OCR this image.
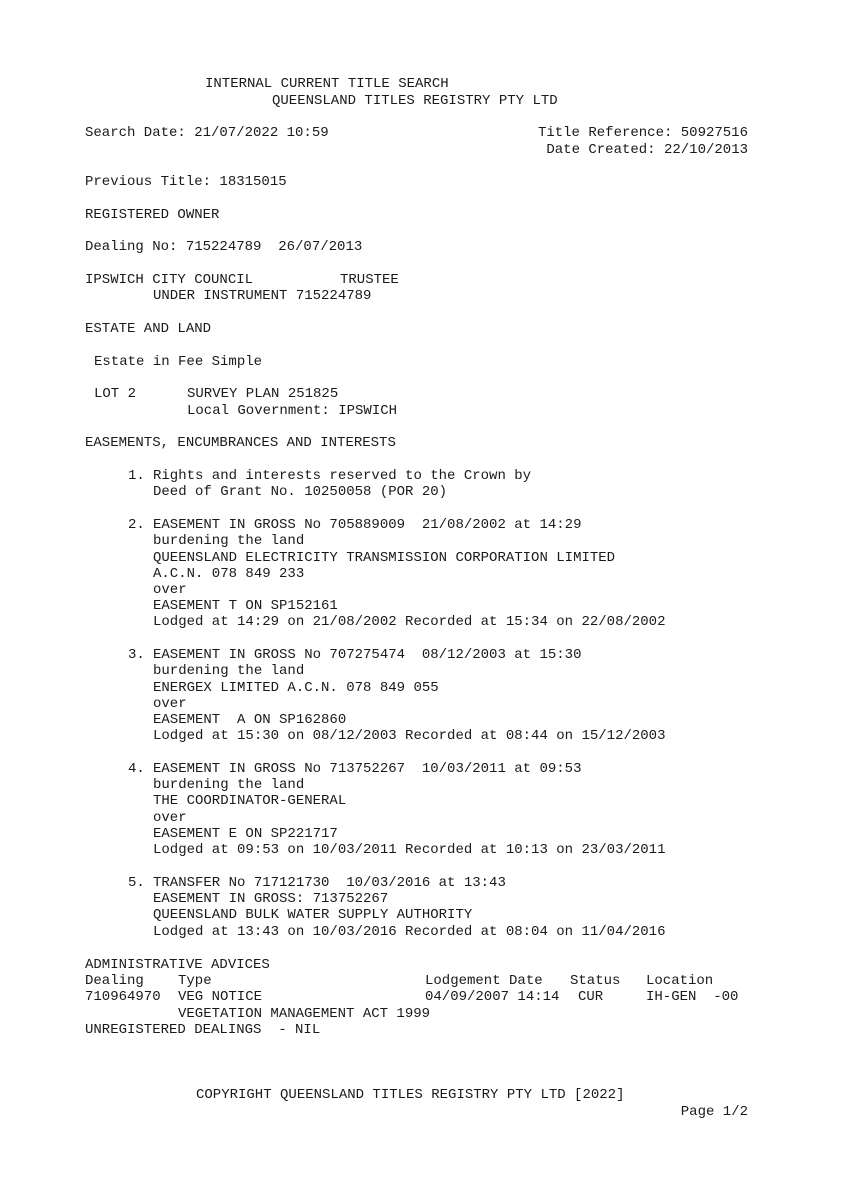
INTERNAL CURRENT TITLE SEARCH
QUEENSLAND TITLES REGISTRY PTY LTD
Search Date: 21/07/2022 10:59	Title Reference: 50927516
Date Created: 22/10/2013
Previous Title: 18315015
REGISTERED OWNER
Dealing No: 715224789  26/07/2013
IPSWICH CITY COUNCIL	TRUSTEE
UNDER INSTRUMENT 715224789
ESTATE AND LAND
Estate in Fee Simple
LOT 2	SURVEY PLAN 251825
Local Government: IPSWICH
EASEMENTS, ENCUMBRANCES AND INTERESTS
1. Rights and interests reserved to the Crown by
Deed of Grant No. 10250058 (POR 20)
2. EASEMENT IN GROSS No 705889009  21/08/2002 at 14:29
burdening the land
QUEENSLAND ELECTRICITY TRANSMISSION CORPORATION LIMITED
A.C.N. 078 849 233
over
EASEMENT T ON SP152161
Lodged at 14:29 on 21/08/2002 Recorded at 15:34 on 22/08/2002
3. EASEMENT IN GROSS No 707275474  08/12/2003 at 15:30
burdening the land
ENERGEX LIMITED A.C.N. 078 849 055
over
EASEMENT  A ON SP162860
Lodged at 15:30 on 08/12/2003 Recorded at 08:44 on 15/12/2003
4. EASEMENT IN GROSS No 713752267  10/03/2011 at 09:53
burdening the land
THE COORDINATOR-GENERAL
over
EASEMENT E ON SP221717
Lodged at 09:53 on 10/03/2011 Recorded at 10:13 on 23/03/2011
5. TRANSFER No 717121730  10/03/2016 at 13:43
EASEMENT IN GROSS: 713752267
QUEENSLAND BULK WATER SUPPLY AUTHORITY
Lodged at 13:43 on 10/03/2016 Recorded at 08:04 on 11/04/2016
ADMINISTRATIVE ADVICES
Dealing Type	Lodgement Date Status Location
710964970 VEG NOTICE	04/09/2007 14:14 CUR	IH-GEN  -00
VEGETATION MANAGEMENT ACT 1999
UNREGISTERED DEALINGS  - NIL
COPYRIGHT QUEENSLAND TITLES REGISTRY PTY LTD [2022]
Page 1/2
